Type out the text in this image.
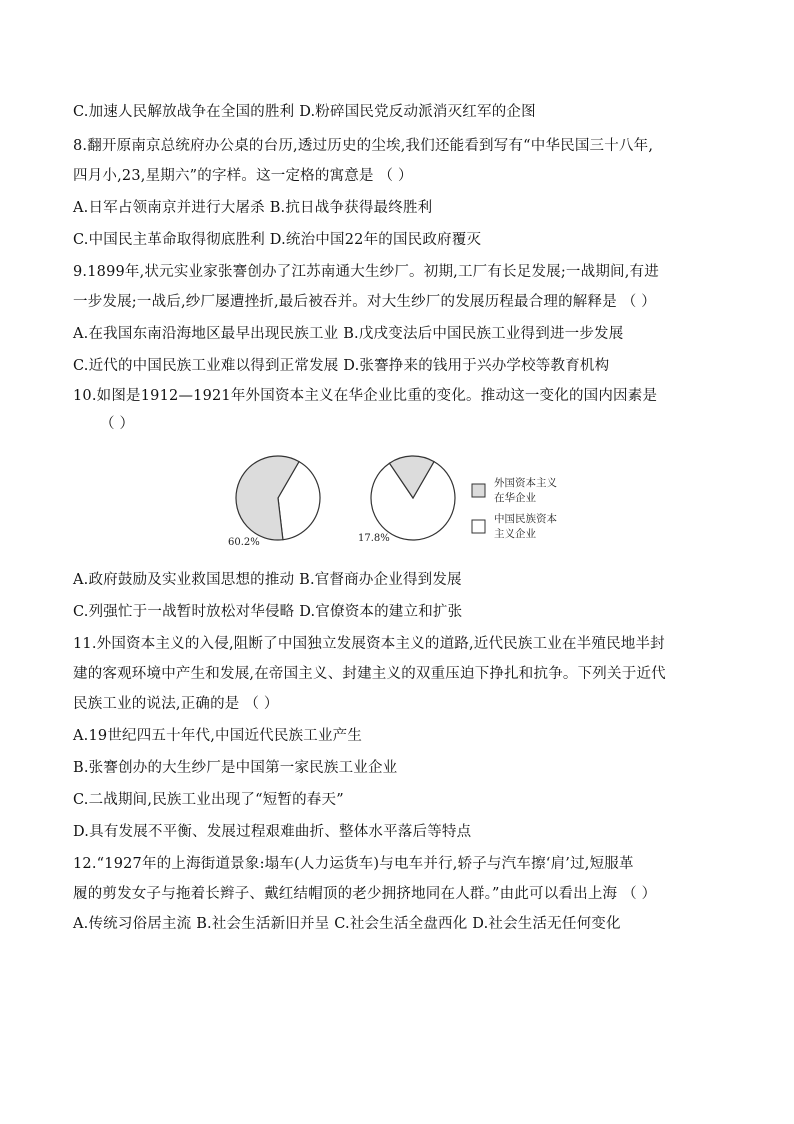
C.加速人民解放战争在全国的胜利 D.粉碎国民党反动派消灭红军的企图
8.翻开原南京总统府办公桌的台历,透过历史的尘埃,我们还能看到写有“中华民国三十八年,
四月小,23,星期六”的字样。这一定格的寓意是 （ ）
A.日军占领南京并进行大屠杀 B.抗日战争获得最终胜利
C.中国民主革命取得彻底胜利 D.统治中国22年的国民政府覆灭
9.1899年,状元实业家张謇创办了江苏南通大生纱厂。初期,工厂有长足发展;一战期间,有进
一步发展;一战后,纱厂屡遭挫折,最后被吞并。对大生纱厂的发展历程最合理的解释是 （ ）
A.在我国东南沿海地区最早出现民族工业 B.戊戌变法后中国民族工业得到进一步发展
C.近代的中国民族工业难以得到正常发展 D.张謇挣来的钱用于兴办学校等教育机构
10.如图是1912—1921年外国资本主义在华企业比重的变化。推动这一变化的国内因素是
（ ）
60.2%	17.8%
外国资本主义
在华企业
中国民族资本
主义企业
A.政府鼓励及实业救国思想的推动 B.官督商办企业得到发展
C.列强忙于一战暂时放松对华侵略 D.官僚资本的建立和扩张
11.外国资本主义的入侵,阻断了中国独立发展资本主义的道路,近代民族工业在半殖民地半封
建的客观环境中产生和发展,在帝国主义、封建主义的双重压迫下挣扎和抗争。下列关于近代
民族工业的说法,正确的是 （ ）
A.19世纪四五十年代,中国近代民族工业产生
B.张謇创办的大生纱厂是中国第一家民族工业企业
C.二战期间,民族工业出现了“短暂的春天”
D.具有发展不平衡、发展过程艰难曲折、整体水平落后等特点
12.“1927年的上海街道景象:塌车(人力运货车)与电车并行,轿子与汽车擦‘肩’过,短服革
履的剪发女子与拖着长辫子、戴红结帽顶的老少拥挤地同在人群。”由此可以看出上海 （ ）
A.传统习俗居主流 B.社会生活新旧并呈 C.社会生活全盘西化 D.社会生活无任何变化
